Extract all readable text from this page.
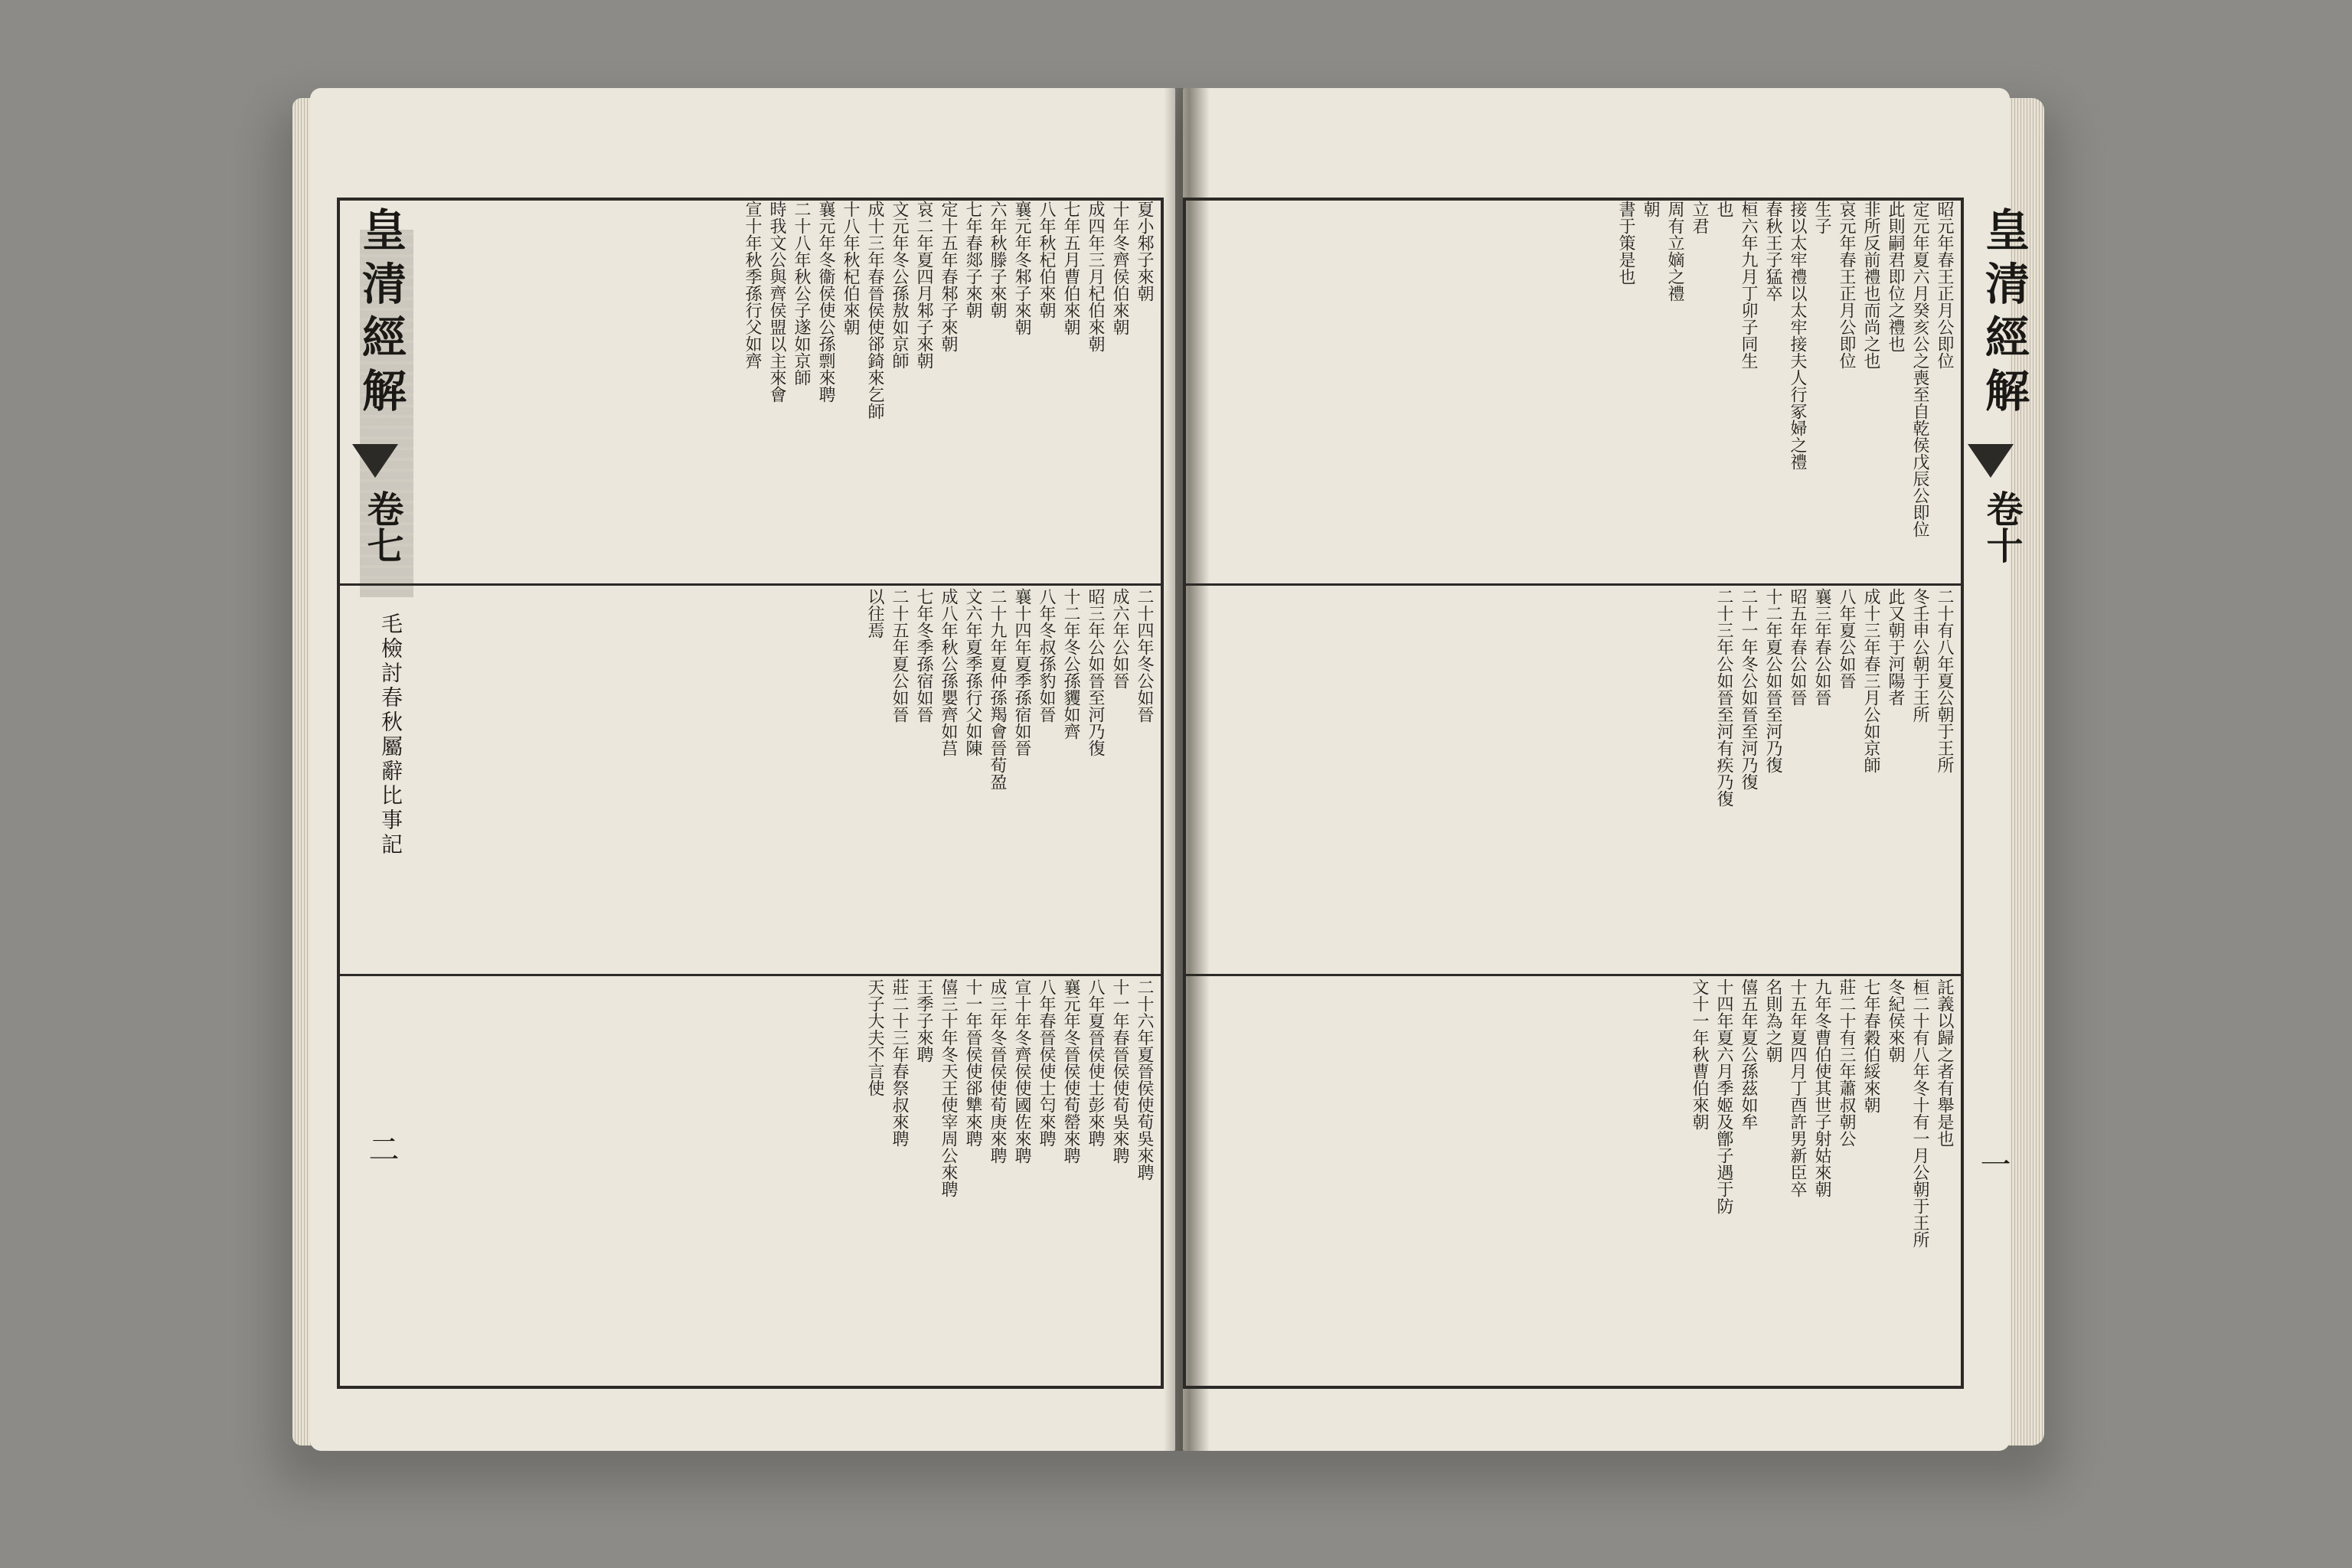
夏小邾子來朝
十年冬齊侯伯來朝
成四年三月杞伯來朝
七年五月曹伯來朝
八年秋杞伯來朝
襄元年冬邾子來朝
六年秋滕子來朝
七年春郯子來朝
定十五年春邾子來朝
哀二年夏四月邾子來朝
文元年冬公孫敖如京師
成十三年春晉侯使郤錡來乞師
十八年秋杞伯來朝
襄元年冬衞侯使公孫剽來聘
二十八年秋公子遂如京師
時我文公與齊侯盟以主來會
宣十年秋季孫行父如齊
二十四年冬公如晉
成六年公如晉
昭三年公如晉至河乃復
十二年冬公孫貜如齊
八年冬叔孫豹如晉
襄十四年夏季孫宿如晉
二十九年夏仲孫羯會晉荀盈
文六年夏季孫行父如陳
成八年秋公孫嬰齊如莒
七年冬季孫宿如晉
二十五年夏公如晉
以往焉
二十六年夏晉侯使荀吳來聘
十一年春晉侯使荀吳來聘
八年夏晉侯使士彭來聘
襄元年冬晉侯使荀罃來聘
八年春晉侯使士匄來聘
宣十年冬齊侯使國佐來聘
成三年冬晉侯使荀庚來聘
十一年晉侯使郤犨來聘
僖三十年冬天王使宰周公來聘
王季子來聘
莊二十三年春祭叔來聘
天子大夫不言使
昭元年春王正月公即位
定元年夏六月癸亥公之喪至自乾侯戊辰公即位
此則嗣君即位之禮也
非所反前禮也而尚之也
哀元年春王正月公即位
生子
接以太牢禮以太牢接夫人行冢婦之禮
春秋王子猛卒
桓六年九月丁卯子同生
也
立君
周有立嫡之禮
朝
書于策是也
二十有八年夏公朝于王所
冬壬申公朝于王所
此又朝于河陽者
成十三年春三月公如京師
八年夏公如晉
襄三年春公如晉
昭五年春公如晉
十二年夏公如晉至河乃復
二十一年冬公如晉至河乃復
二十三年公如晉至河有疾乃復
託義以歸之者有舉是也
桓二十有八年冬十有一月公朝于王所
冬紀侯來朝
七年春穀伯綏來朝
莊二十有三年蕭叔朝公
九年冬曹伯使其世子射姑來朝
十五年夏四月丁酉許男新臣卒
名則為之朝
僖五年夏公孫茲如牟
十四年夏六月季姬及鄫子遇于防
文十一年秋曹伯來朝
皇清經解
卷七
毛檢討春秋屬辭比事記
二
皇清經解
卷十
一
